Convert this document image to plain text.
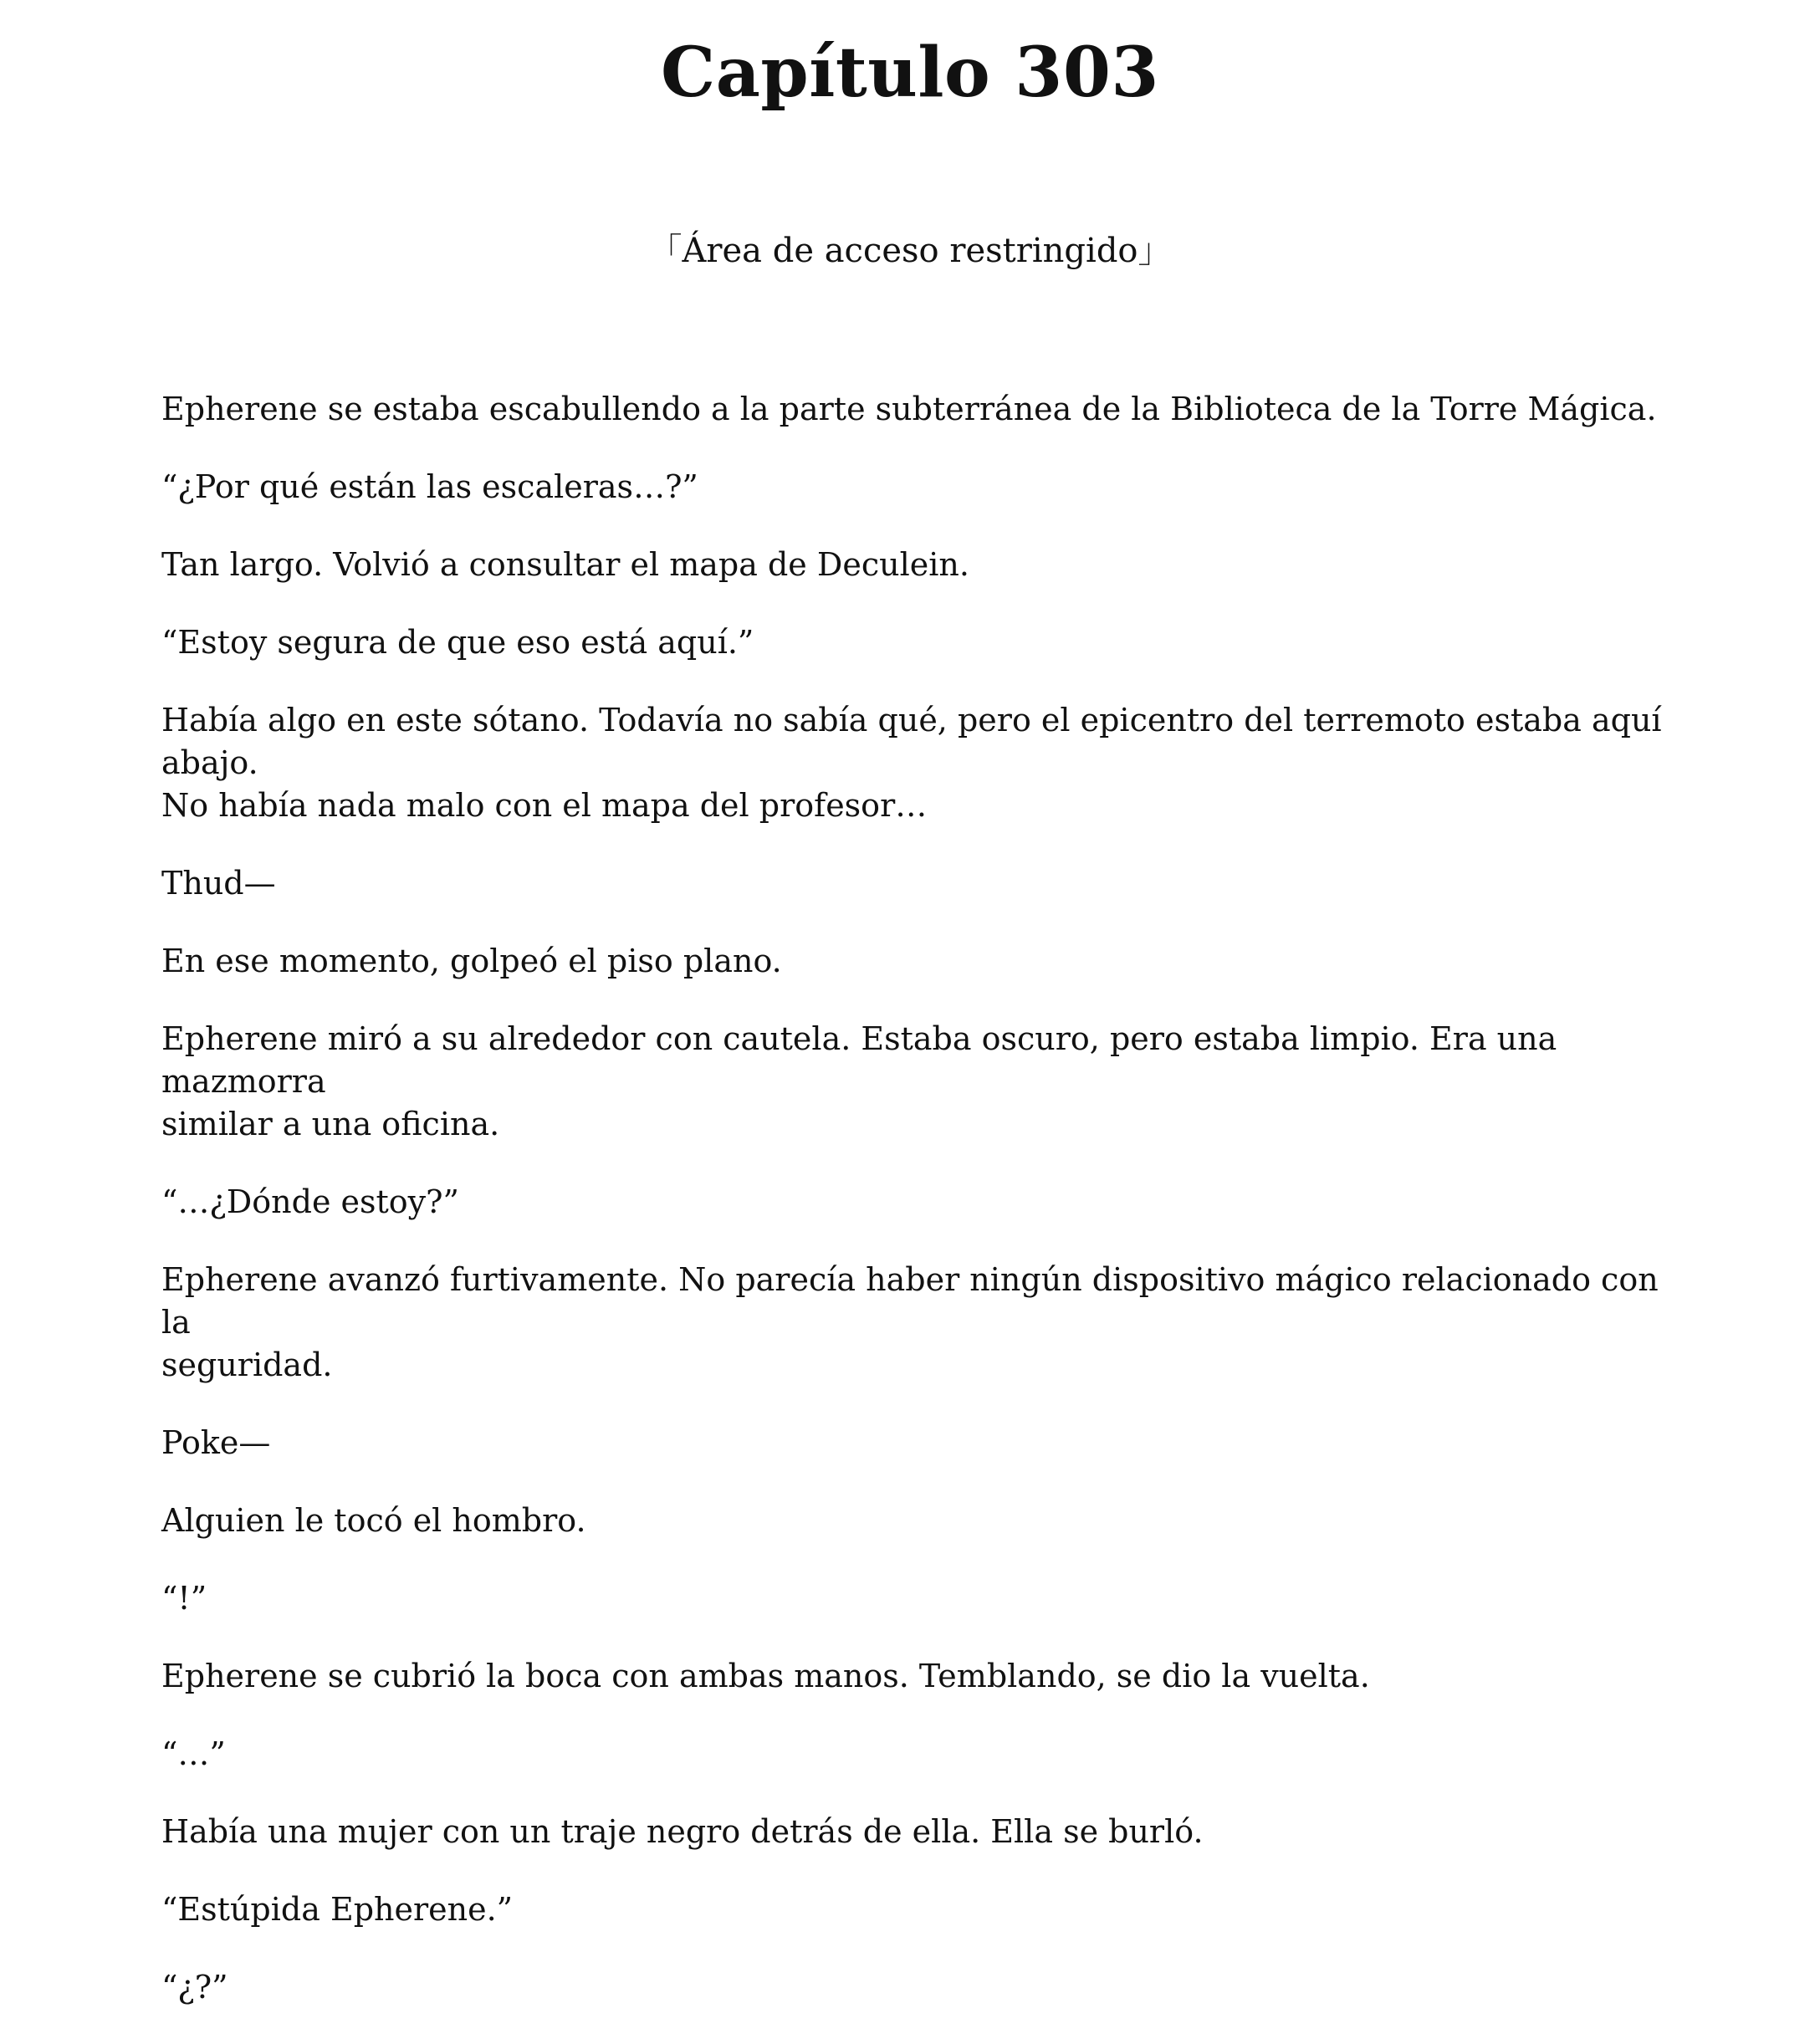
Capítulo 303

「Área de acceso restringido」

Epherene se estaba escabullendo a la parte subterránea de la Biblioteca de la Torre Mágica.

“¿Por qué están las escaleras…?”

Tan largo. Volvió a consultar el mapa de Deculein.

“Estoy segura de que eso está aquí.”

Había algo en este sótano. Todavía no sabía qué, pero el epicentro del terremoto estaba aquí abajo.
No había nada malo con el mapa del profesor…

Thud—

En ese momento, golpeó el piso plano.

Epherene miró a su alrededor con cautela. Estaba oscuro, pero estaba limpio. Era una mazmorra
similar a una oficina.

“…¿Dónde estoy?”

Epherene avanzó furtivamente. No parecía haber ningún dispositivo mágico relacionado con la
seguridad.

Poke—

Alguien le tocó el hombro.

“!”

Epherene se cubrió la boca con ambas manos. Temblando, se dio la vuelta.

“…”

Había una mujer con un traje negro detrás de ella. Ella se burló.

“Estúpida Epherene.”

“¿?”
